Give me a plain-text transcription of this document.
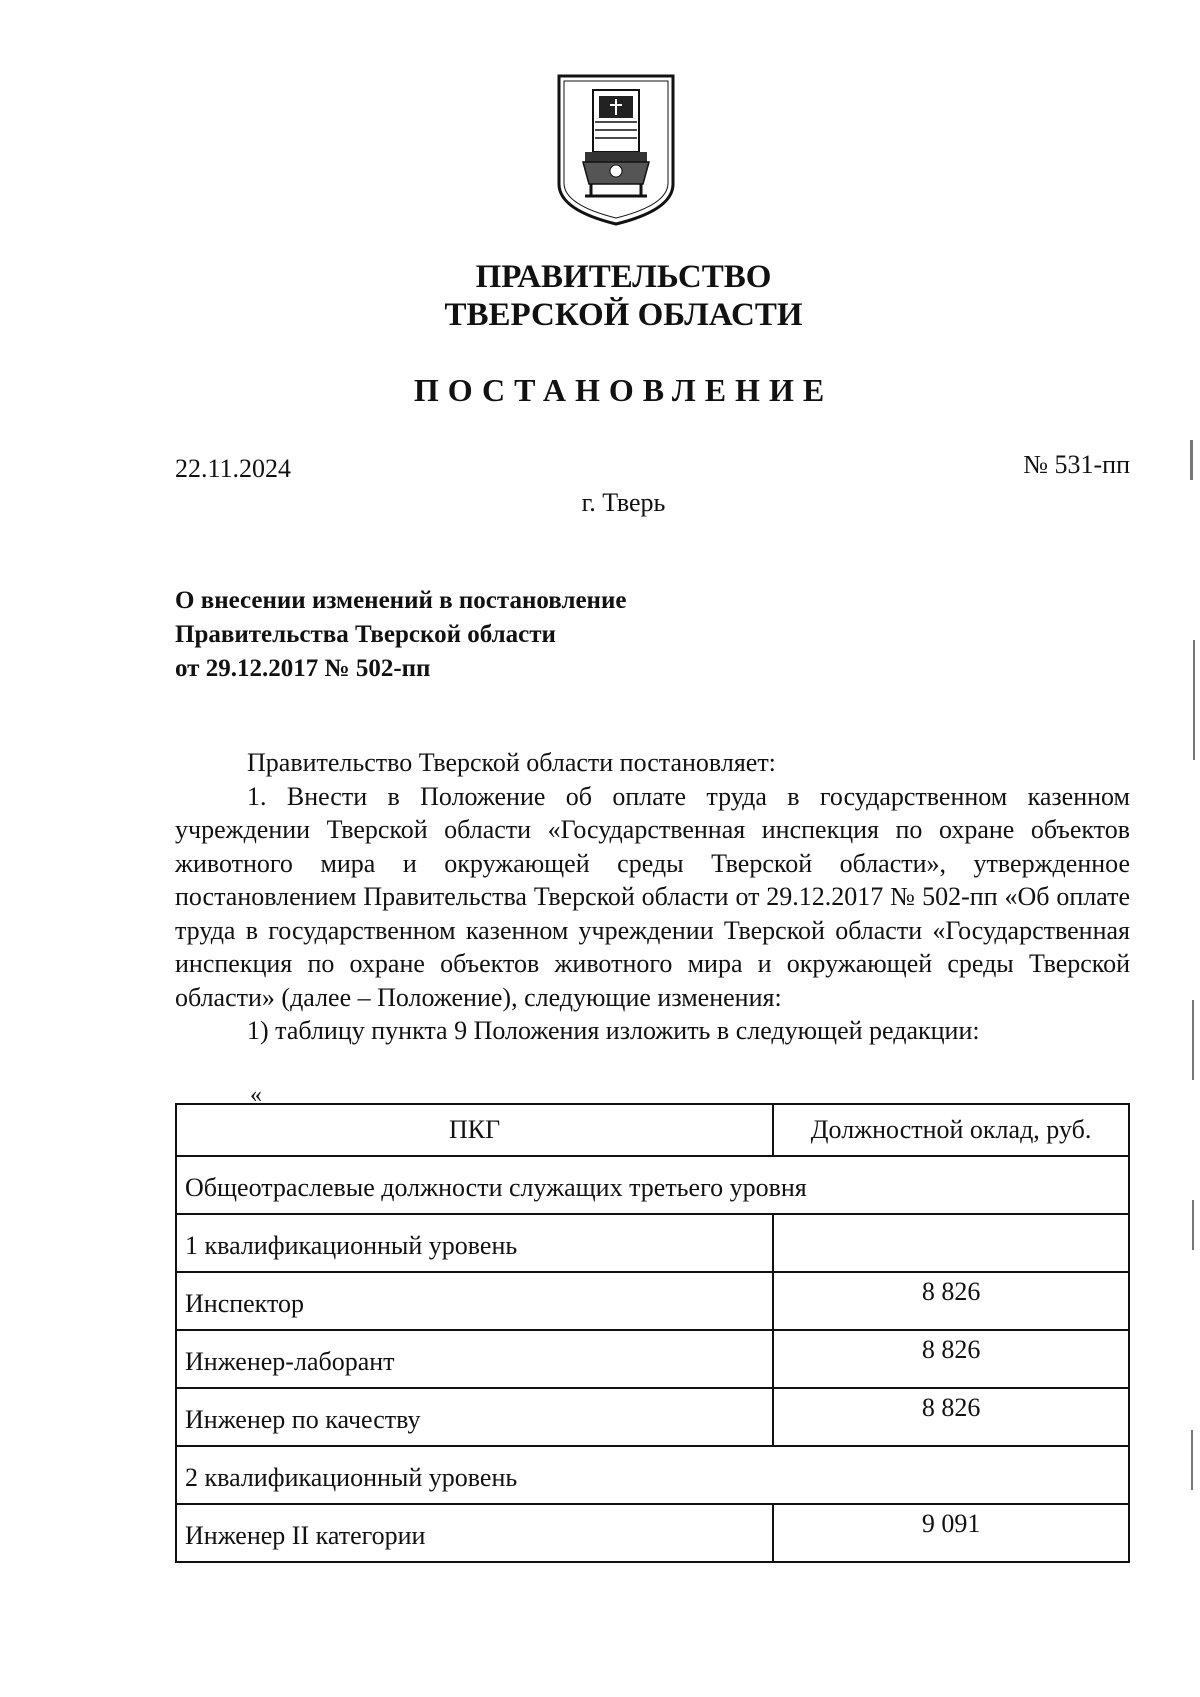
ПРАВИТЕЛЬСТВО
ТВЕРСКОЙ ОБЛАСТИ
ПОСТАНОВЛЕНИЕ
22.11.2024	№ 531-пп
г. Тверь
О внесении изменений в постановление
Правительства Тверской области
от 29.12.2017 № 502-пп

Правительство Тверской области постановляет:

1. Внести в Положение об оплате труда в государственном казенном учреждении Тверской области «Государственная инспекция по охране объектов животного мира и окружающей среды Тверской области», утвержденное постановлением Правительства Тверской области от 29.12.2017 № 502-пп «Об оплате труда в государственном казенном учреждении Тверской области «Государственная инспекция по охране объектов животного мира и окружающей среды Тверской области» (далее – Положение), следующие изменения:

1) таблицу пункта 9 Положения изложить в следующей редакции:

«
ПКГ	Должностной оклад, руб.
Общеотраслевые должности служащих третьего уровня	
1 квалификационный уровень	
Инспектор	8 826
Инженер-лаборант	8 826
Инженер по качеству	8 826
2 квалификационный уровень	
Инженер II категории	9 091
